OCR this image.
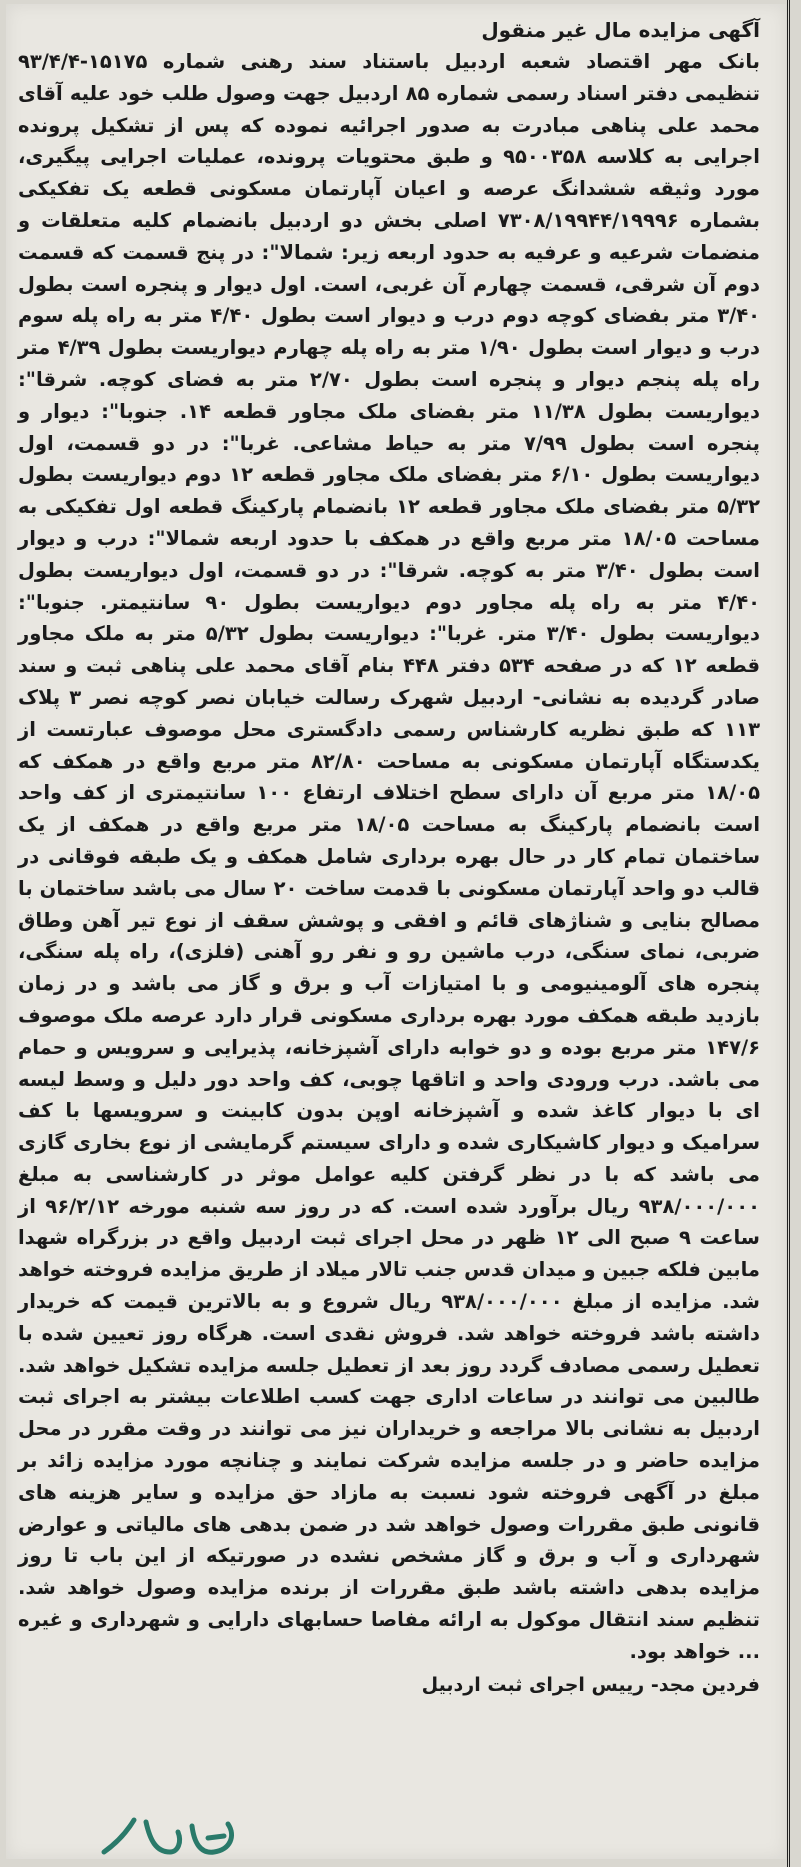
آگهی مزایده مال غیر منقول

بانک مهر اقتصاد شعبه اردبیل باستناد سند رهنی شماره ۱۵۱۷۵-۹۳/۴/۴ تنظیمی دفتر اسناد رسمی شماره ۸۵ اردبیل جهت وصول طلب خود علیه آقای محمد علی پناهی مبادرت به صدور اجرائیه نموده که پس از تشکیل پرونده اجرایی به کلاسه ۹۵۰۰۳۵۸ و طبق محتویات پرونده، عملیات اجرایی پیگیری، مورد وثیقه ششدانگ عرصه و اعیان آپارتمان مسکونی قطعه یک تفکیکی بشماره ۷۳۰۸/۱۹۹۴۴/۱۹۹۹۶ اصلی بخش دو اردبیل بانضمام کلیه متعلقات و منضمات شرعیه و عرفیه به حدود اربعه زیر: شمالا": در پنج قسمت که قسمت دوم آن شرقی، قسمت چهارم آن غربی، است. اول دیوار و پنجره است بطول ۳/۴۰ متر بفضای کوچه دوم درب و دیوار است بطول ۴/۴۰ متر به راه پله سوم درب و دیوار است بطول ۱/۹۰ متر به راه پله چهارم دیواریست بطول ۴/۳۹ متر راه پله پنجم دیوار و پنجره است بطول ۲/۷۰ متر به فضای کوچه. شرقا": دیواریست بطول ۱۱/۳۸ متر بفضای ملک مجاور قطعه ۱۴. جنوبا": دیوار و پنجره است بطول ۷/۹۹ متر به حیاط مشاعی. غربا": در دو قسمت، اول دیواریست بطول ۶/۱۰ متر بفضای ملک مجاور قطعه ۱۲ دوم دیواریست بطول ۵/۳۲ متر بفضای ملک مجاور قطعه ۱۲ بانضمام پارکینگ قطعه اول تفکیکی به مساحت ۱۸/۰۵ متر مربع واقع در همکف با حدود اربعه شمالا": درب و دیوار است بطول ۳/۴۰ متر به کوچه. شرقا": در دو قسمت، اول دیواریست بطول ۴/۴۰ متر به راه پله مجاور دوم دیواریست بطول ۹۰ سانتیمتر. جنوبا": دیواریست بطول ۳/۴۰ متر. غربا": دیواریست بطول ۵/۳۲ متر به ملک مجاور قطعه ۱۲ که در صفحه ۵۳۴ دفتر ۴۴۸ بنام آقای محمد علی پناهی ثبت و سند صادر گردیده به نشانی- اردبیل شهرک رسالت خیابان نصر کوچه نصر ۳ پلاک ۱۱۳ که طبق نظریه کارشناس رسمی دادگستری محل موصوف عبارتست از یکدستگاه آپارتمان مسکونی به مساحت ۸۲/۸۰ متر مربع واقع در همکف که ۱۸/۰۵ متر مربع آن دارای سطح اختلاف ارتفاع ۱۰۰ سانتیمتری از کف واحد است بانضمام پارکینگ به مساحت ۱۸/۰۵ متر مربع واقع در همکف از یک ساختمان تمام کار در حال بهره برداری شامل همکف و یک طبقه فوقانی در قالب دو واحد آپارتمان مسکونی با قدمت ساخت ۲۰ سال می باشد ساختمان با مصالح بنایی و شناژهای قائم و افقی و پوشش سقف از نوع تیر آهن وطاق ضربی، نمای سنگی، درب ماشین رو و نفر رو آهنی (فلزی)، راه پله سنگی، پنجره های آلومینیومی و با امتیازات آب و برق و گاز می باشد و در زمان بازدید طبقه همکف مورد بهره برداری مسکونی قرار دارد عرصه ملک موصوف ۱۴۷/۶ متر مربع بوده و دو خوابه دارای آشپزخانه، پذیرایی و سرویس و حمام می باشد. درب ورودی واحد و اتاقها چوبی، کف واحد دور دلیل و وسط لیسه ای با دیوار کاغذ شده و آشپزخانه اوپن بدون کابینت و سرویسها با کف سرامیک و دیوار کاشیکاری شده و دارای سیستم گرمایشی از نوع بخاری گازی می باشد که با در نظر گرفتن کلیه عوامل موثر در کارشناسی به مبلغ ۹۳۸/۰۰۰/۰۰۰ ریال برآورد شده است. که در روز سه شنبه مورخه ۹۶/۲/۱۲ از ساعت ۹ صبح الی ۱۲ ظهر در محل اجرای ثبت اردبیل واقع در بزرگراه شهدا مابین فلکه جبین و میدان قدس جنب تالار میلاد از طریق مزایده فروخته خواهد شد. مزایده از مبلغ ۹۳۸/۰۰۰/۰۰۰ ریال شروع و به بالاترین قیمت که خریدار داشته باشد فروخته خواهد شد. فروش نقدی است. هرگاه روز تعیین شده با تعطیل رسمی مصادف گردد روز بعد از تعطیل جلسه مزایده تشکیل خواهد شد. طالبین می توانند در ساعات اداری جهت کسب اطلاعات بیشتر به اجرای ثبت اردبیل به نشانی بالا مراجعه و خریداران نیز می توانند در وقت مقرر در محل مزایده حاضر و در جلسه مزایده شرکت نمایند و چنانچه مورد مزایده زائد بر مبلغ در آگهی فروخته شود نسبت به مازاد حق مزایده و سایر هزینه های قانونی طبق مقررات وصول خواهد شد در ضمن بدهی های مالیاتی و عوارض شهرداری و آب و برق و گاز مشخص نشده در صورتیکه از این باب تا روز مزایده بدهی داشته باشد طبق مقررات از برنده مزایده وصول خواهد شد. تنظیم سند انتقال موکول به ارائه مفاصا حسابهای دارایی و شهرداری و غیره ... خواهد بود.

فردین مجد- رییس اجرای ثبت اردبیل
